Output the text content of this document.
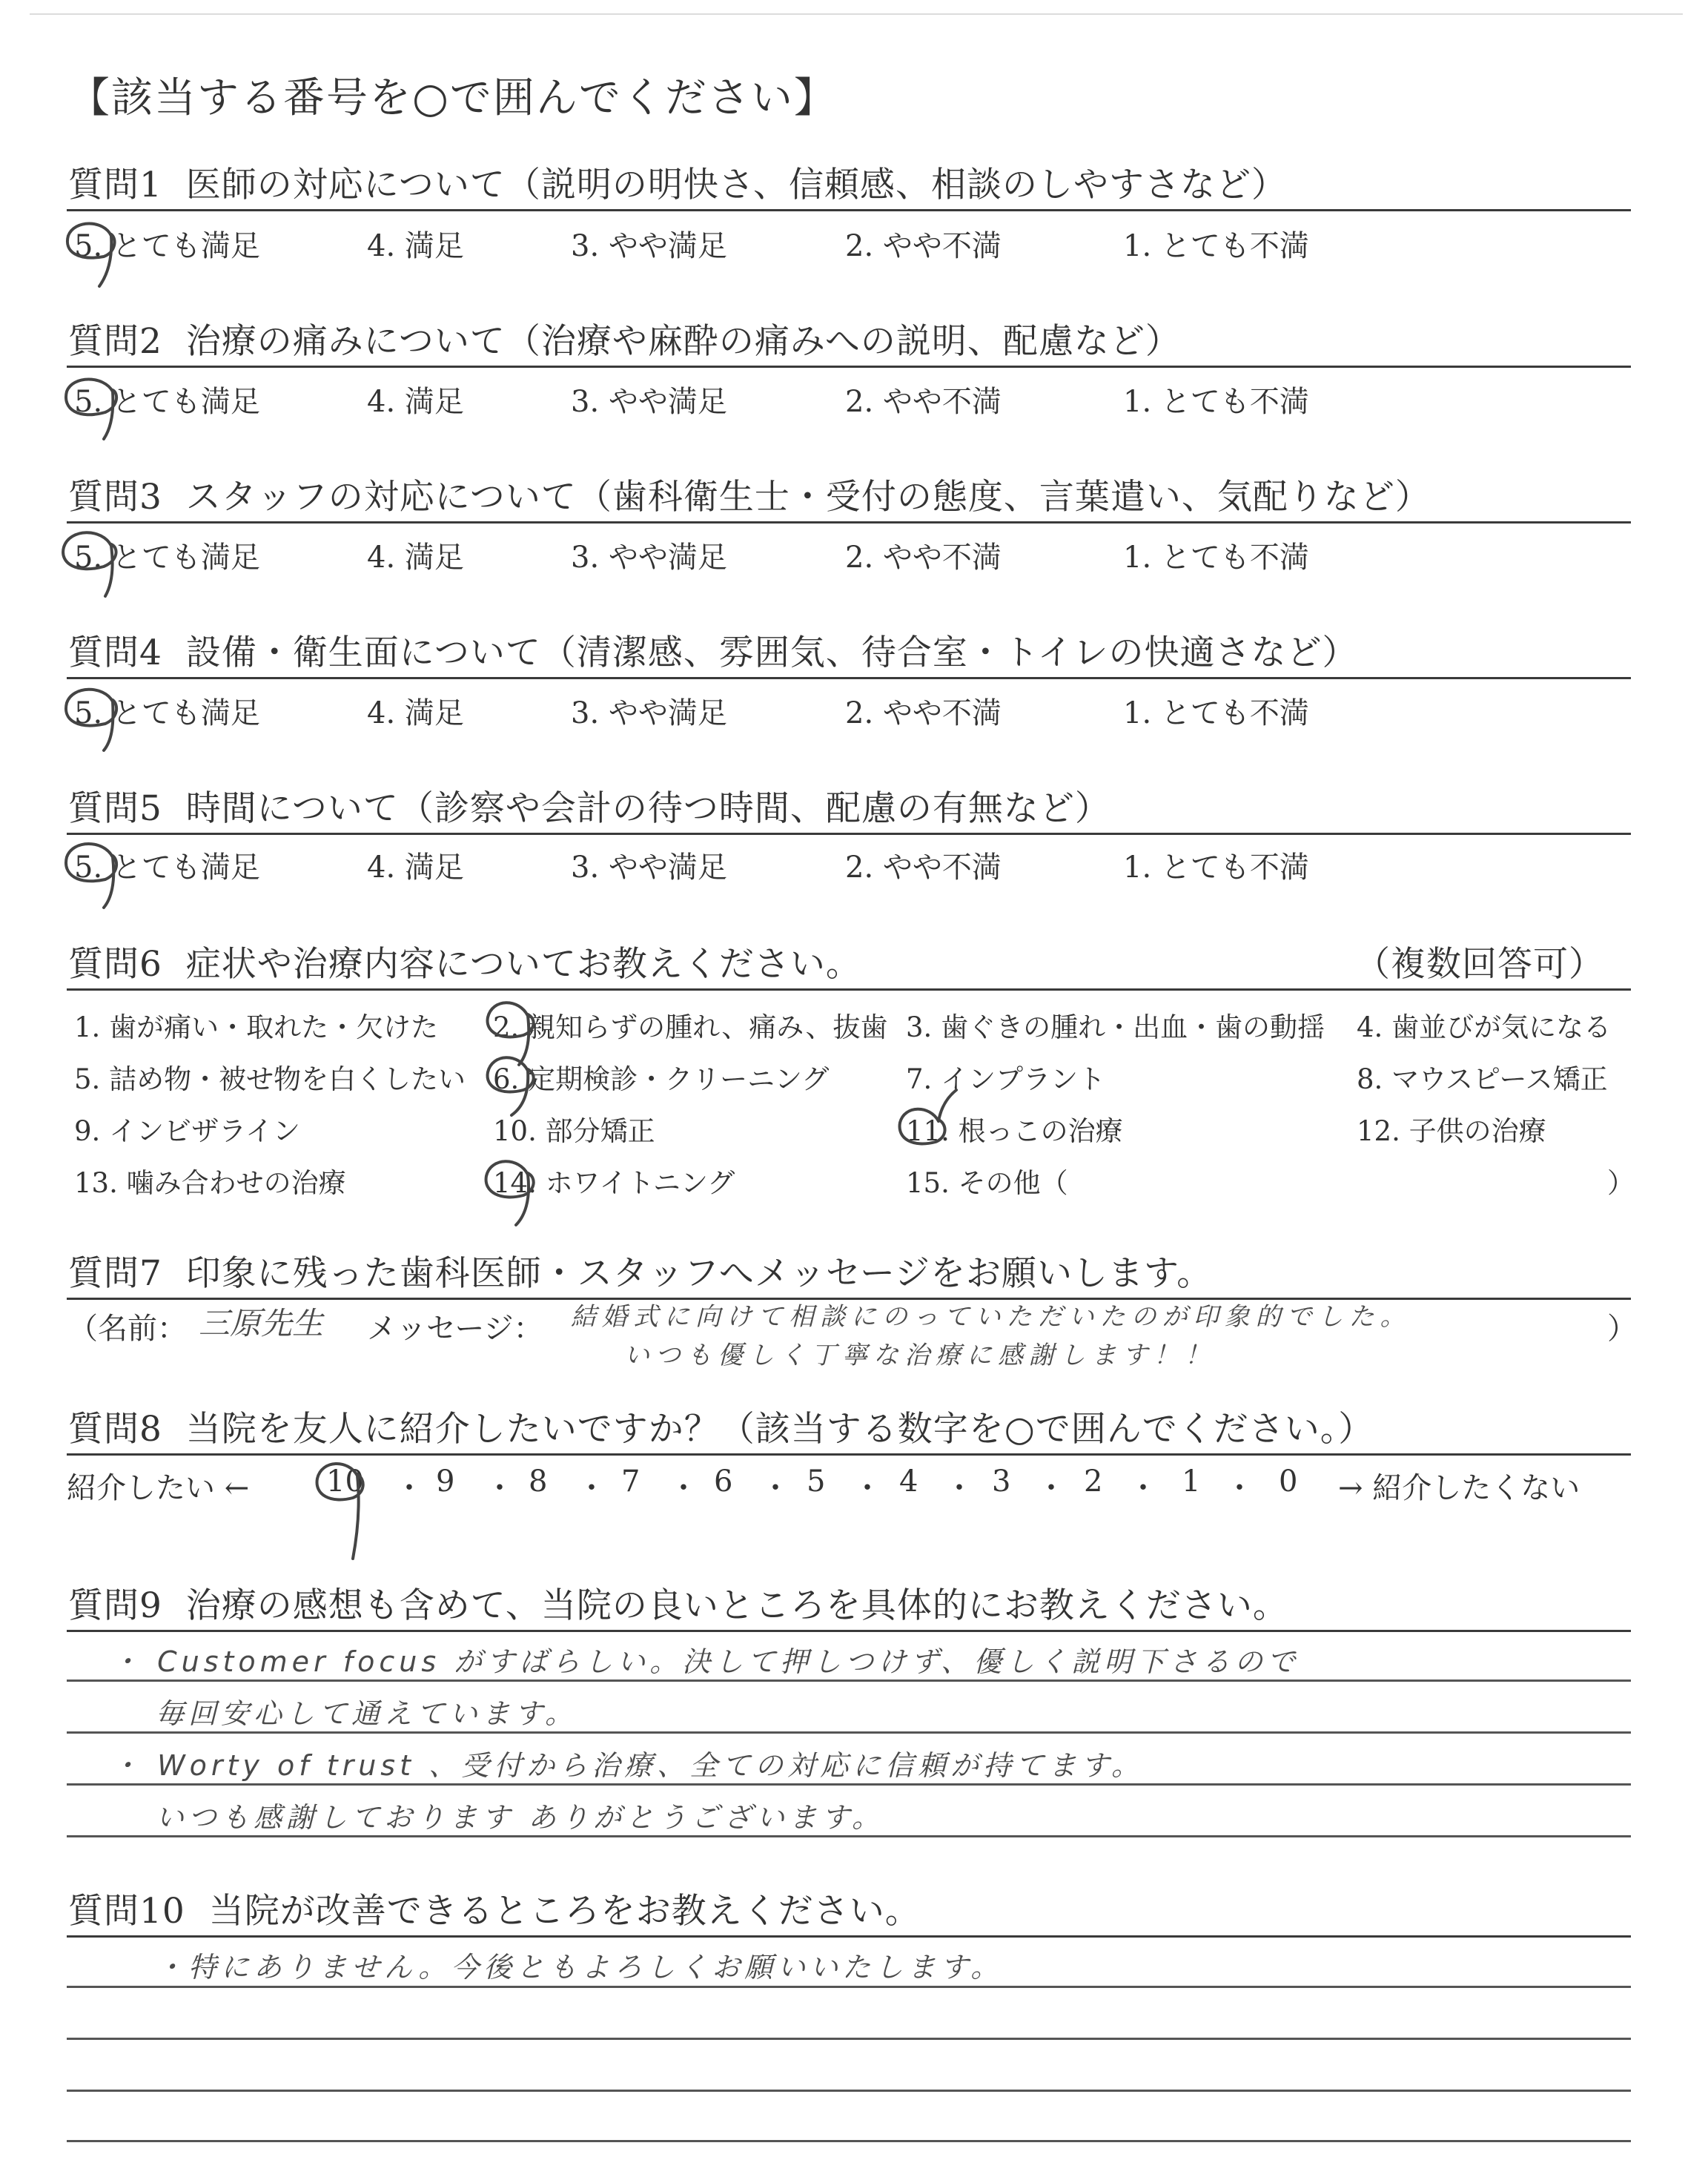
【該当する番号を○で囲んでください】
質問1 医師の対応について（説明の明快さ、信頼感、相談のしやすさなど）
5. とても満足	4. 満足	3. やや満足	2. やや不満	1. とても不満
質問2 治療の痛みについて（治療や麻酔の痛みへの説明、配慮など）
5. とても満足	4. 満足	3. やや満足	2. やや不満	1. とても不満
質問3 スタッフの対応について（歯科衛生士・受付の態度、言葉遣い、気配りなど）
5. とても満足	4. 満足	3. やや満足	2. やや不満	1. とても不満
質問4 設備・衛生面について（清潔感、雰囲気、待合室・トイレの快適さなど）
5. とても満足	4. 満足	3. やや満足	2. やや不満	1. とても不満
質問5 時間について（診察や会計の待つ時間、配慮の有無など）
5. とても満足	4. 満足	3. やや満足	2. やや不満	1. とても不満
質問6 症状や治療内容についてお教えください。	（複数回答可）
1. 歯が痛い・取れた・欠けた 2. 親知らずの腫れ、痛み、抜歯 3. 歯ぐきの腫れ・出血・歯の動揺 4. 歯並びが気になる
5. 詰め物・被せ物を白くしたい 6. 定期検診・クリーニング	7. インプラント	8. マウスピース矯正
9. インビザライン	10. 部分矯正	11. 根っこの治療	12. 子供の治療
13. 噛み合わせの治療	14. ホワイトニング	15. その他（	）
質問7 印象に残った歯科医師・スタッフへメッセージをお願いします。
（名前： 三原先生 メッセージ： 結婚式に向けて相談にのっていただいたのが印象的でした。
いつも優しく丁寧な治療に感謝します！！
）
質問8 当院を友人に紹介したいですか？（該当する数字を○で囲んでください。）
紹介したい ←	10 ・ 9 ・ 8 ・ 7 ・ 6 ・ 5 ・ 4 ・ 3 ・ 2 ・ 1 ・ 0 → 紹介したくない
質問9 治療の感想も含めて、当院の良いところを具体的にお教えください。
・ Customer focus がすばらしい。決して押しつけず、優しく説明下さるので
毎回安心して通えています。
・ Worty of trust 、受付から治療、全ての対応に信頼が持てます。
いつも感謝しております ありがとうございます。
質問10 当院が改善できるところをお教えください。
・特にありません。今後ともよろしくお願いいたします。
